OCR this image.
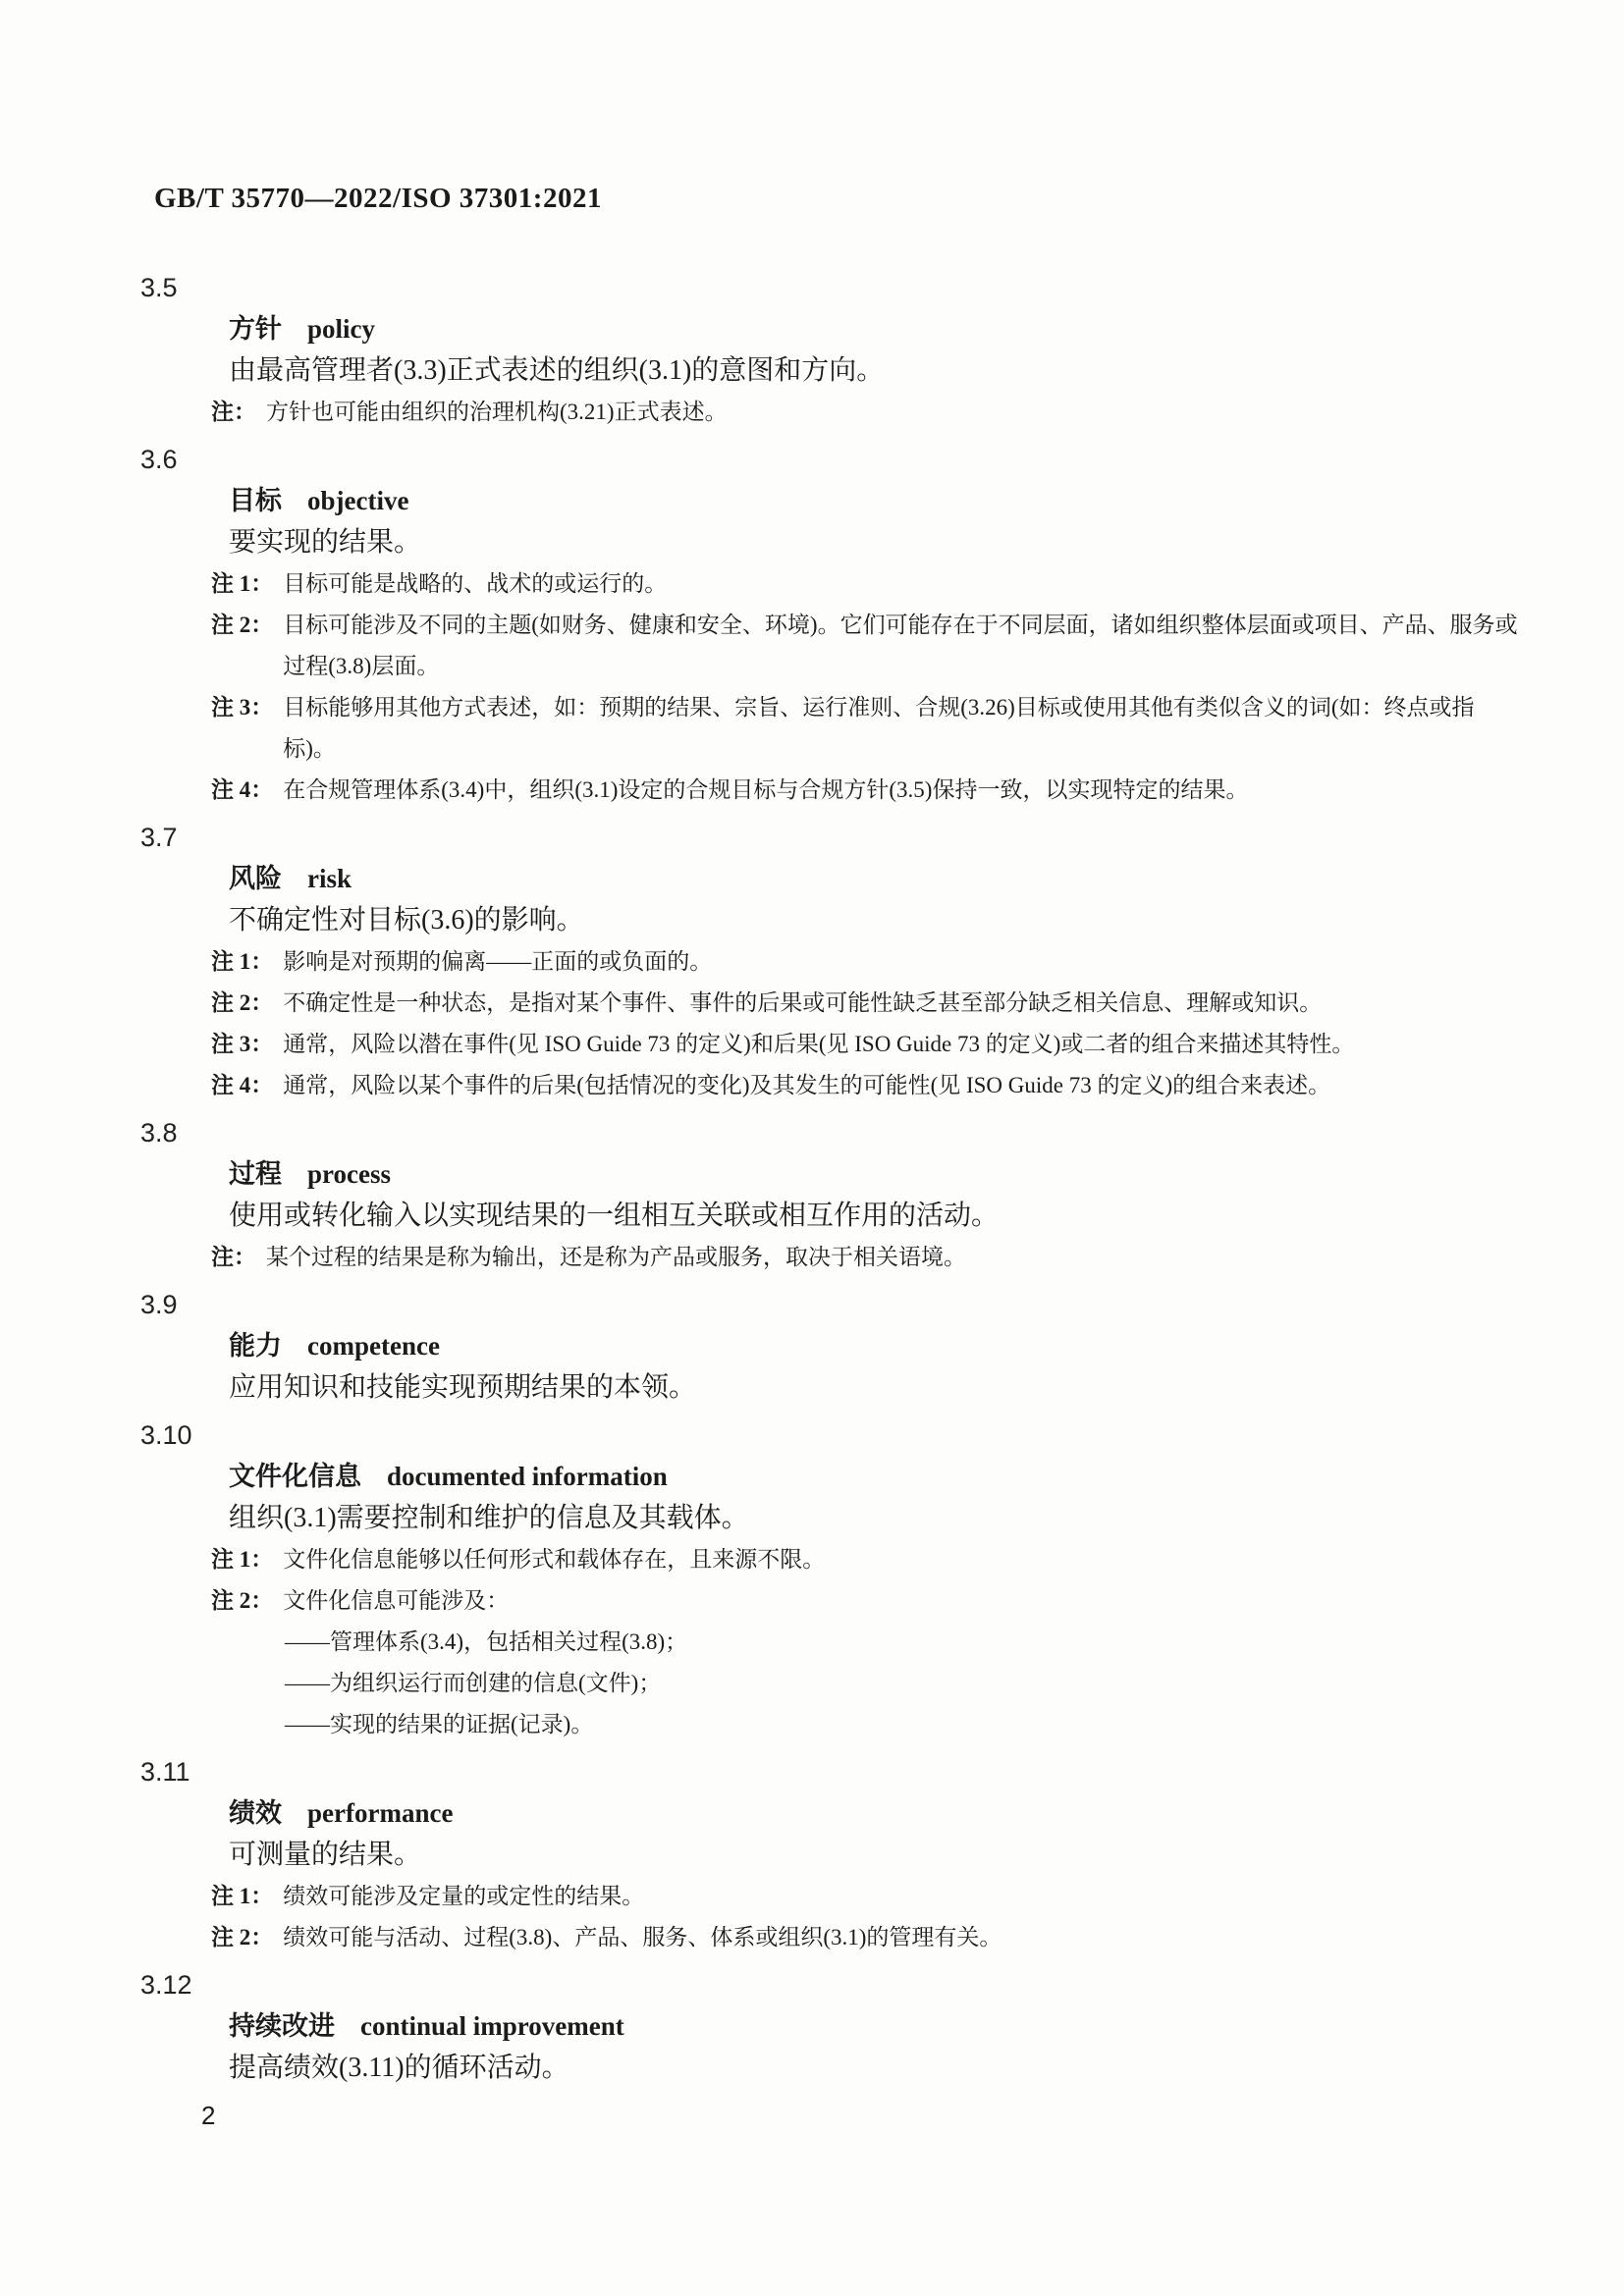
GB/T 35770—2022/ISO 37301:2021
3.5
方针 policy
由最高管理者(3.3)正式表述的组织(3.1)的意图和方向。
注： 方针也可能由组织的治理机构(3.21)正式表述。
3.6
目标 objective
要实现的结果。
注 1： 目标可能是战略的、战术的或运行的。
注 2： 目标可能涉及不同的主题(如财务、健康和安全、环境)。它们可能存在于不同层面，诸如组织整体层面或项目、产品、服务或过程(3.8)层面。
注 3： 目标能够用其他方式表述，如：预期的结果、宗旨、运行准则、合规(3.26)目标或使用其他有类似含义的词(如：终点或指标)。
注 4： 在合规管理体系(3.4)中，组织(3.1)设定的合规目标与合规方针(3.5)保持一致，以实现特定的结果。
3.7
风险 risk
不确定性对目标(3.6)的影响。
注 1： 影响是对预期的偏离——正面的或负面的。
注 2： 不确定性是一种状态，是指对某个事件、事件的后果或可能性缺乏甚至部分缺乏相关信息、理解或知识。
注 3： 通常，风险以潜在事件(见 ISO Guide 73 的定义)和后果(见 ISO Guide 73 的定义)或二者的组合来描述其特性。
注 4： 通常，风险以某个事件的后果(包括情况的变化)及其发生的可能性(见 ISO Guide 73 的定义)的组合来表述。
3.8
过程 process
使用或转化输入以实现结果的一组相互关联或相互作用的活动。
注： 某个过程的结果是称为输出，还是称为产品或服务，取决于相关语境。
3.9
能力 competence
应用知识和技能实现预期结果的本领。
3.10
文件化信息 documented information
组织(3.1)需要控制和维护的信息及其载体。
注 1： 文件化信息能够以任何形式和载体存在，且来源不限。
注 2： 文件化信息可能涉及：
——管理体系(3.4)，包括相关过程(3.8)；
——为组织运行而创建的信息(文件)；
——实现的结果的证据(记录)。
3.11
绩效 performance
可测量的结果。
注 1： 绩效可能涉及定量的或定性的结果。
注 2： 绩效可能与活动、过程(3.8)、产品、服务、体系或组织(3.1)的管理有关。
3.12
持续改进 continual improvement
提高绩效(3.11)的循环活动。
2
